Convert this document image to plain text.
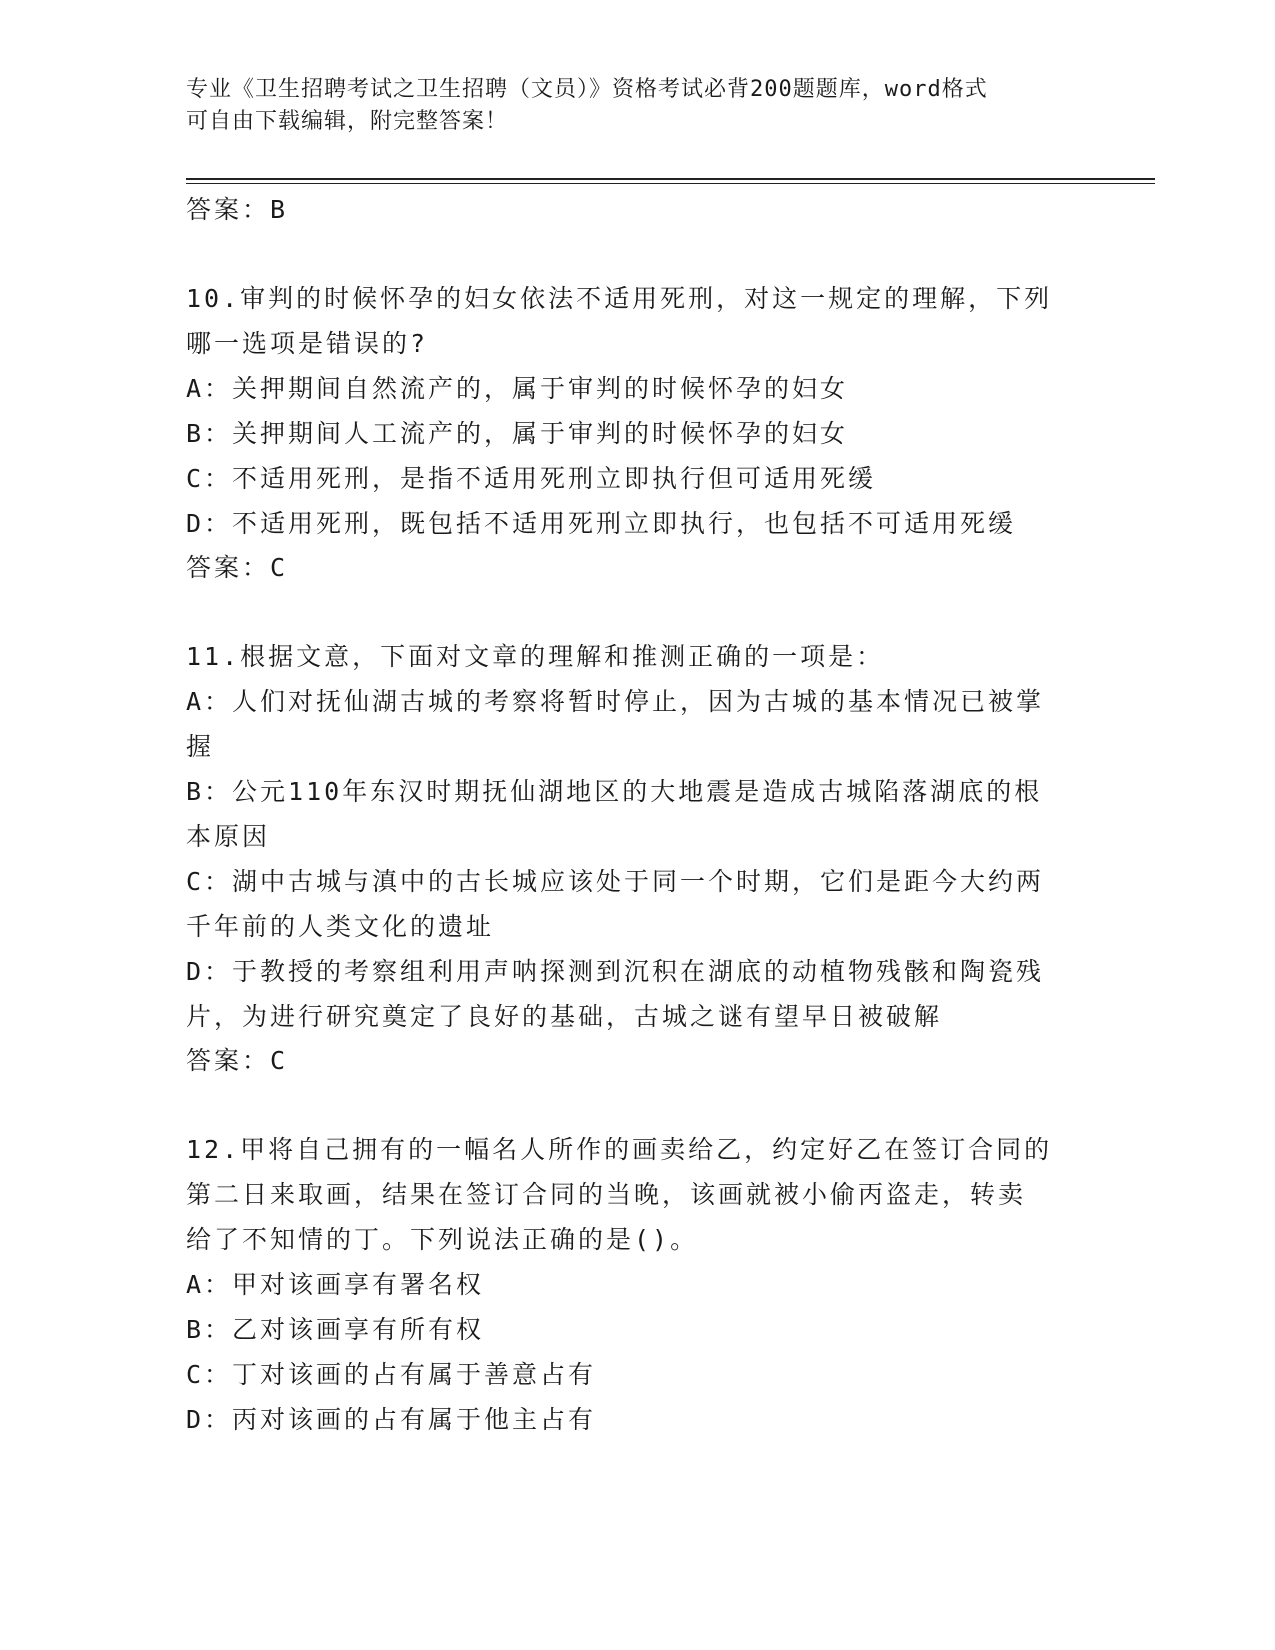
专业《卫生招聘考试之卫生招聘（文员）》资格考试必背200题题库，word格式
可自由下载编辑，附完整答案！

答案：B

10.审判的时候怀孕的妇女依法不适用死刑，对这一规定的理解，下列

哪一选项是错误的?

A：关押期间自然流产的，属于审判的时候怀孕的妇女

B：关押期间人工流产的，属于审判的时候怀孕的妇女

C：不适用死刑，是指不适用死刑立即执行但可适用死缓

D：不适用死刑，既包括不适用死刑立即执行，也包括不可适用死缓

答案：C

11.根据文意，下面对文章的理解和推测正确的一项是：

A：人们对抚仙湖古城的考察将暂时停止，因为古城的基本情况已被掌

握

B：公元110年东汉时期抚仙湖地区的大地震是造成古城陷落湖底的根

本原因

C：湖中古城与滇中的古长城应该处于同一个时期，它们是距今大约两

千年前的人类文化的遗址

D：于教授的考察组利用声呐探测到沉积在湖底的动植物残骸和陶瓷残

片，为进行研究奠定了良好的基础，古城之谜有望早日被破解

答案：C

12.甲将自己拥有的一幅名人所作的画卖给乙，约定好乙在签订合同的

第二日来取画，结果在签订合同的当晚，该画就被小偷丙盗走，转卖

给了不知情的丁。下列说法正确的是()。

A：甲对该画享有署名权

B：乙对该画享有所有权

C：丁对该画的占有属于善意占有

D：丙对该画的占有属于他主占有
